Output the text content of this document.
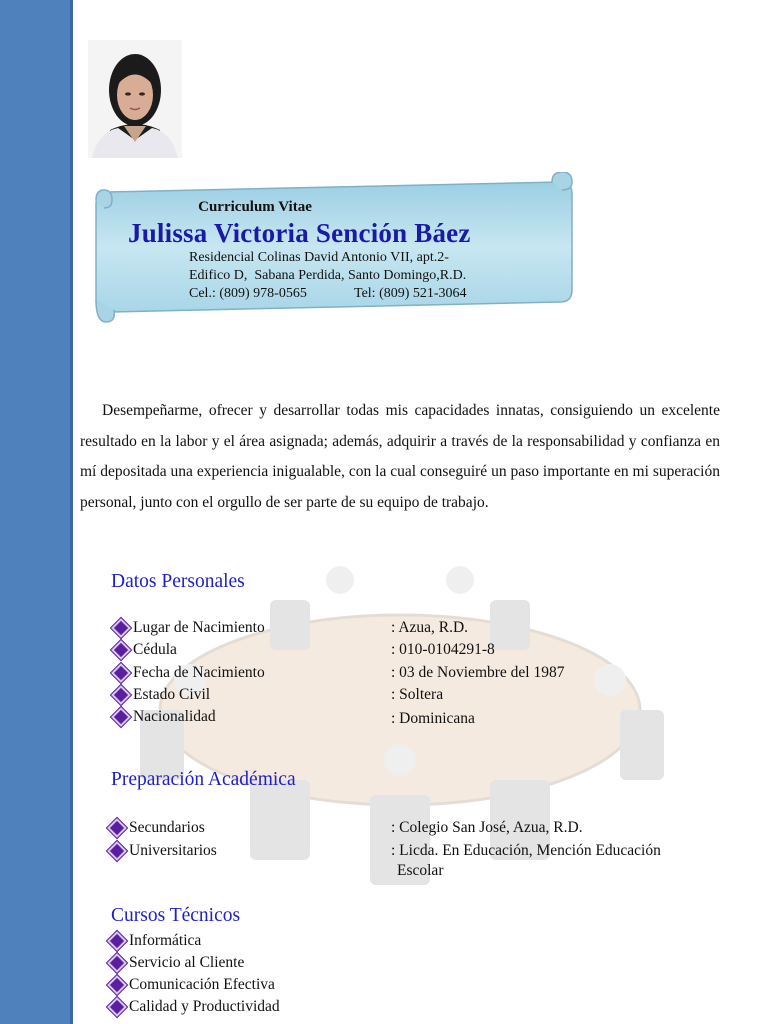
Curriculum Vitae
Julissa Victoria Sención Báez
Residencial Colinas David Antonio VII, apt.2-
Edifico D,  Sabana Perdida, Santo Domingo,R.D.
Cel.: (809) 978-0565	Tel: (809) 521-3064

Desempeñarme, ofrecer y desarrollar todas mis capacidades innatas, consiguiendo un excelente resultado en la labor y el área asignada; además, adquirir a través de la responsabilidad y confianza en mí depositada una experiencia inigualable, con la cual conseguiré un paso importante en mi superación personal, junto con el orgullo de ser parte de su equipo de trabajo.

Datos Personales
Lugar de Nacimiento	: Azua, R.D.
Cédula	: 010-0104291-8
Fecha de Nacimiento	: 03 de Noviembre del 1987
Estado Civil	: Soltera
Nacionalidad	: Dominicana
Preparación Académica
Secundarios	: Colegio San José, Azua, R.D.
Universitarios	: Licda. En Educación, Mención Educación
Escolar
Cursos Técnicos
Informática
Servicio al Cliente
Comunicación Efectiva
Calidad y Productividad
